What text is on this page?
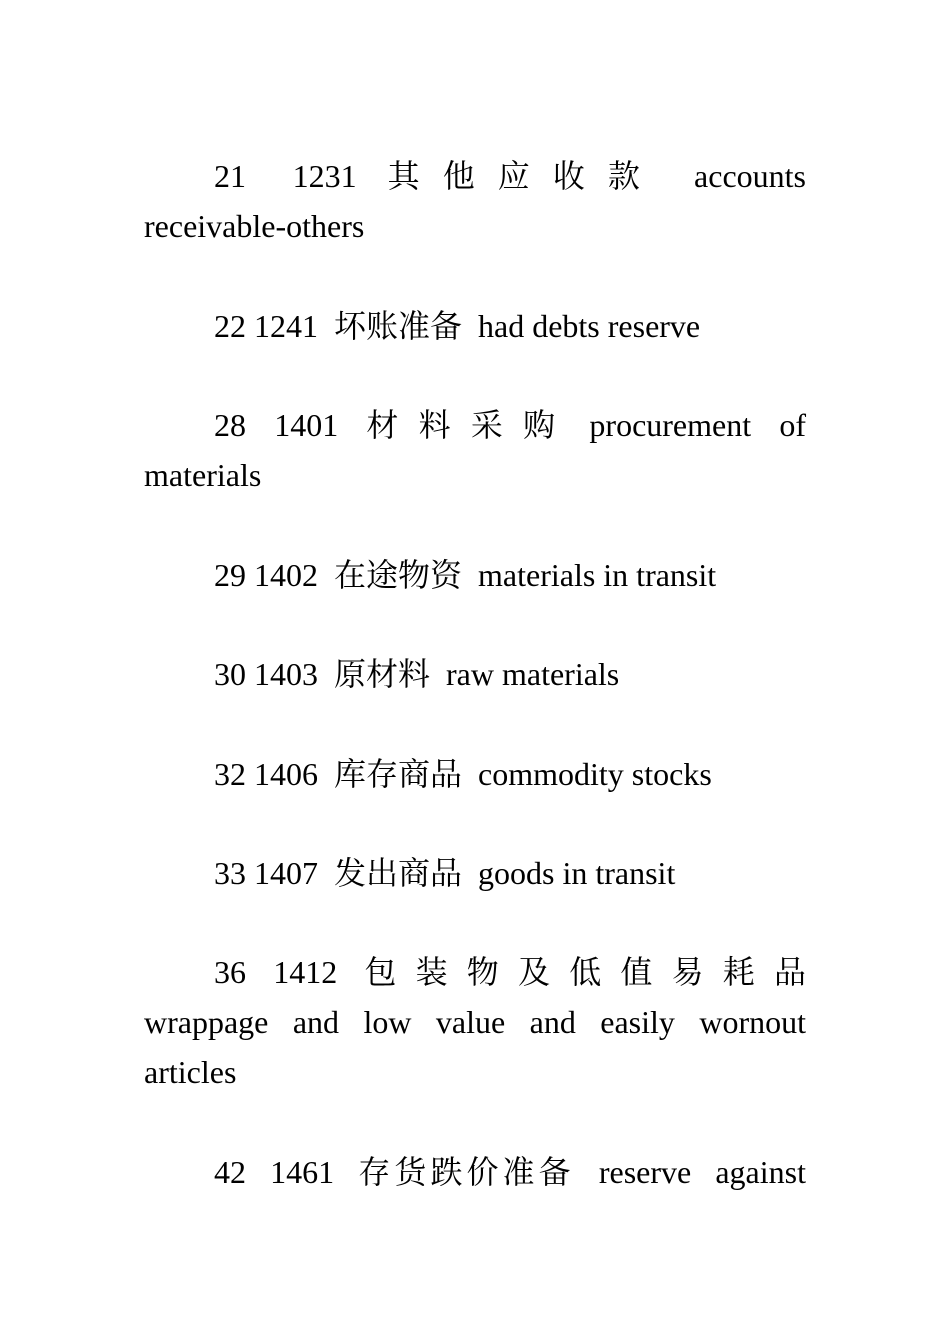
21   1231  其 他 应 收 款   accounts receivable-others

22 1241  坏账准备  had debts reserve

28  1401  材 料 采 购  procurement  of materials

29 1402  在途物资  materials in transit

30 1403  原材料  raw materials

32 1406  库存商品  commodity stocks

33 1407  发出商品  goods in transit

36  1412  包 装 物 及 低 值 易 耗 品 wrappage and low value and easily wornout articles

42  1461  存货跌价准备  reserve  against
